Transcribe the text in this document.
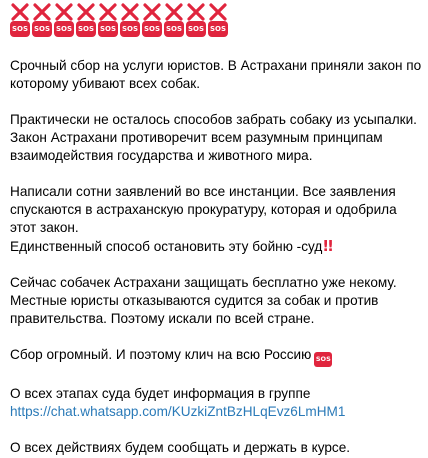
SOS SOS SOS SOS SOS SOS SOS SOS SOS SOS

Срочный сбор на услуги юристов. В Астрахани приняли закон по
которому убивают всех собак.

Практически не осталось способов забрать собаку из усыпалки.
Закон Астрахани противоречит всем разумным принципам
взаимодействия государства и животного мира.

Написали сотни заявлений во все инстанции. Все заявления
спускаются в астраханскую прокуратуру, которая и одобрила
этот закон.
Единственный способ остановить эту бойню -суд!!

Сейчас собачек Астрахани защищать бесплатно уже некому.
Местные юристы отказываются судится за собак и против
правительства. Поэтому искали по всей стране.

Сбор огромный. И поэтому клич на всю Россию SOS

О всех этапах суда будет информация в группе
https://chat.whatsapp.com/KUzkiZntBzHLqEvz6LmHM1

О всех действиях будем сообщать и держать в курсе.
